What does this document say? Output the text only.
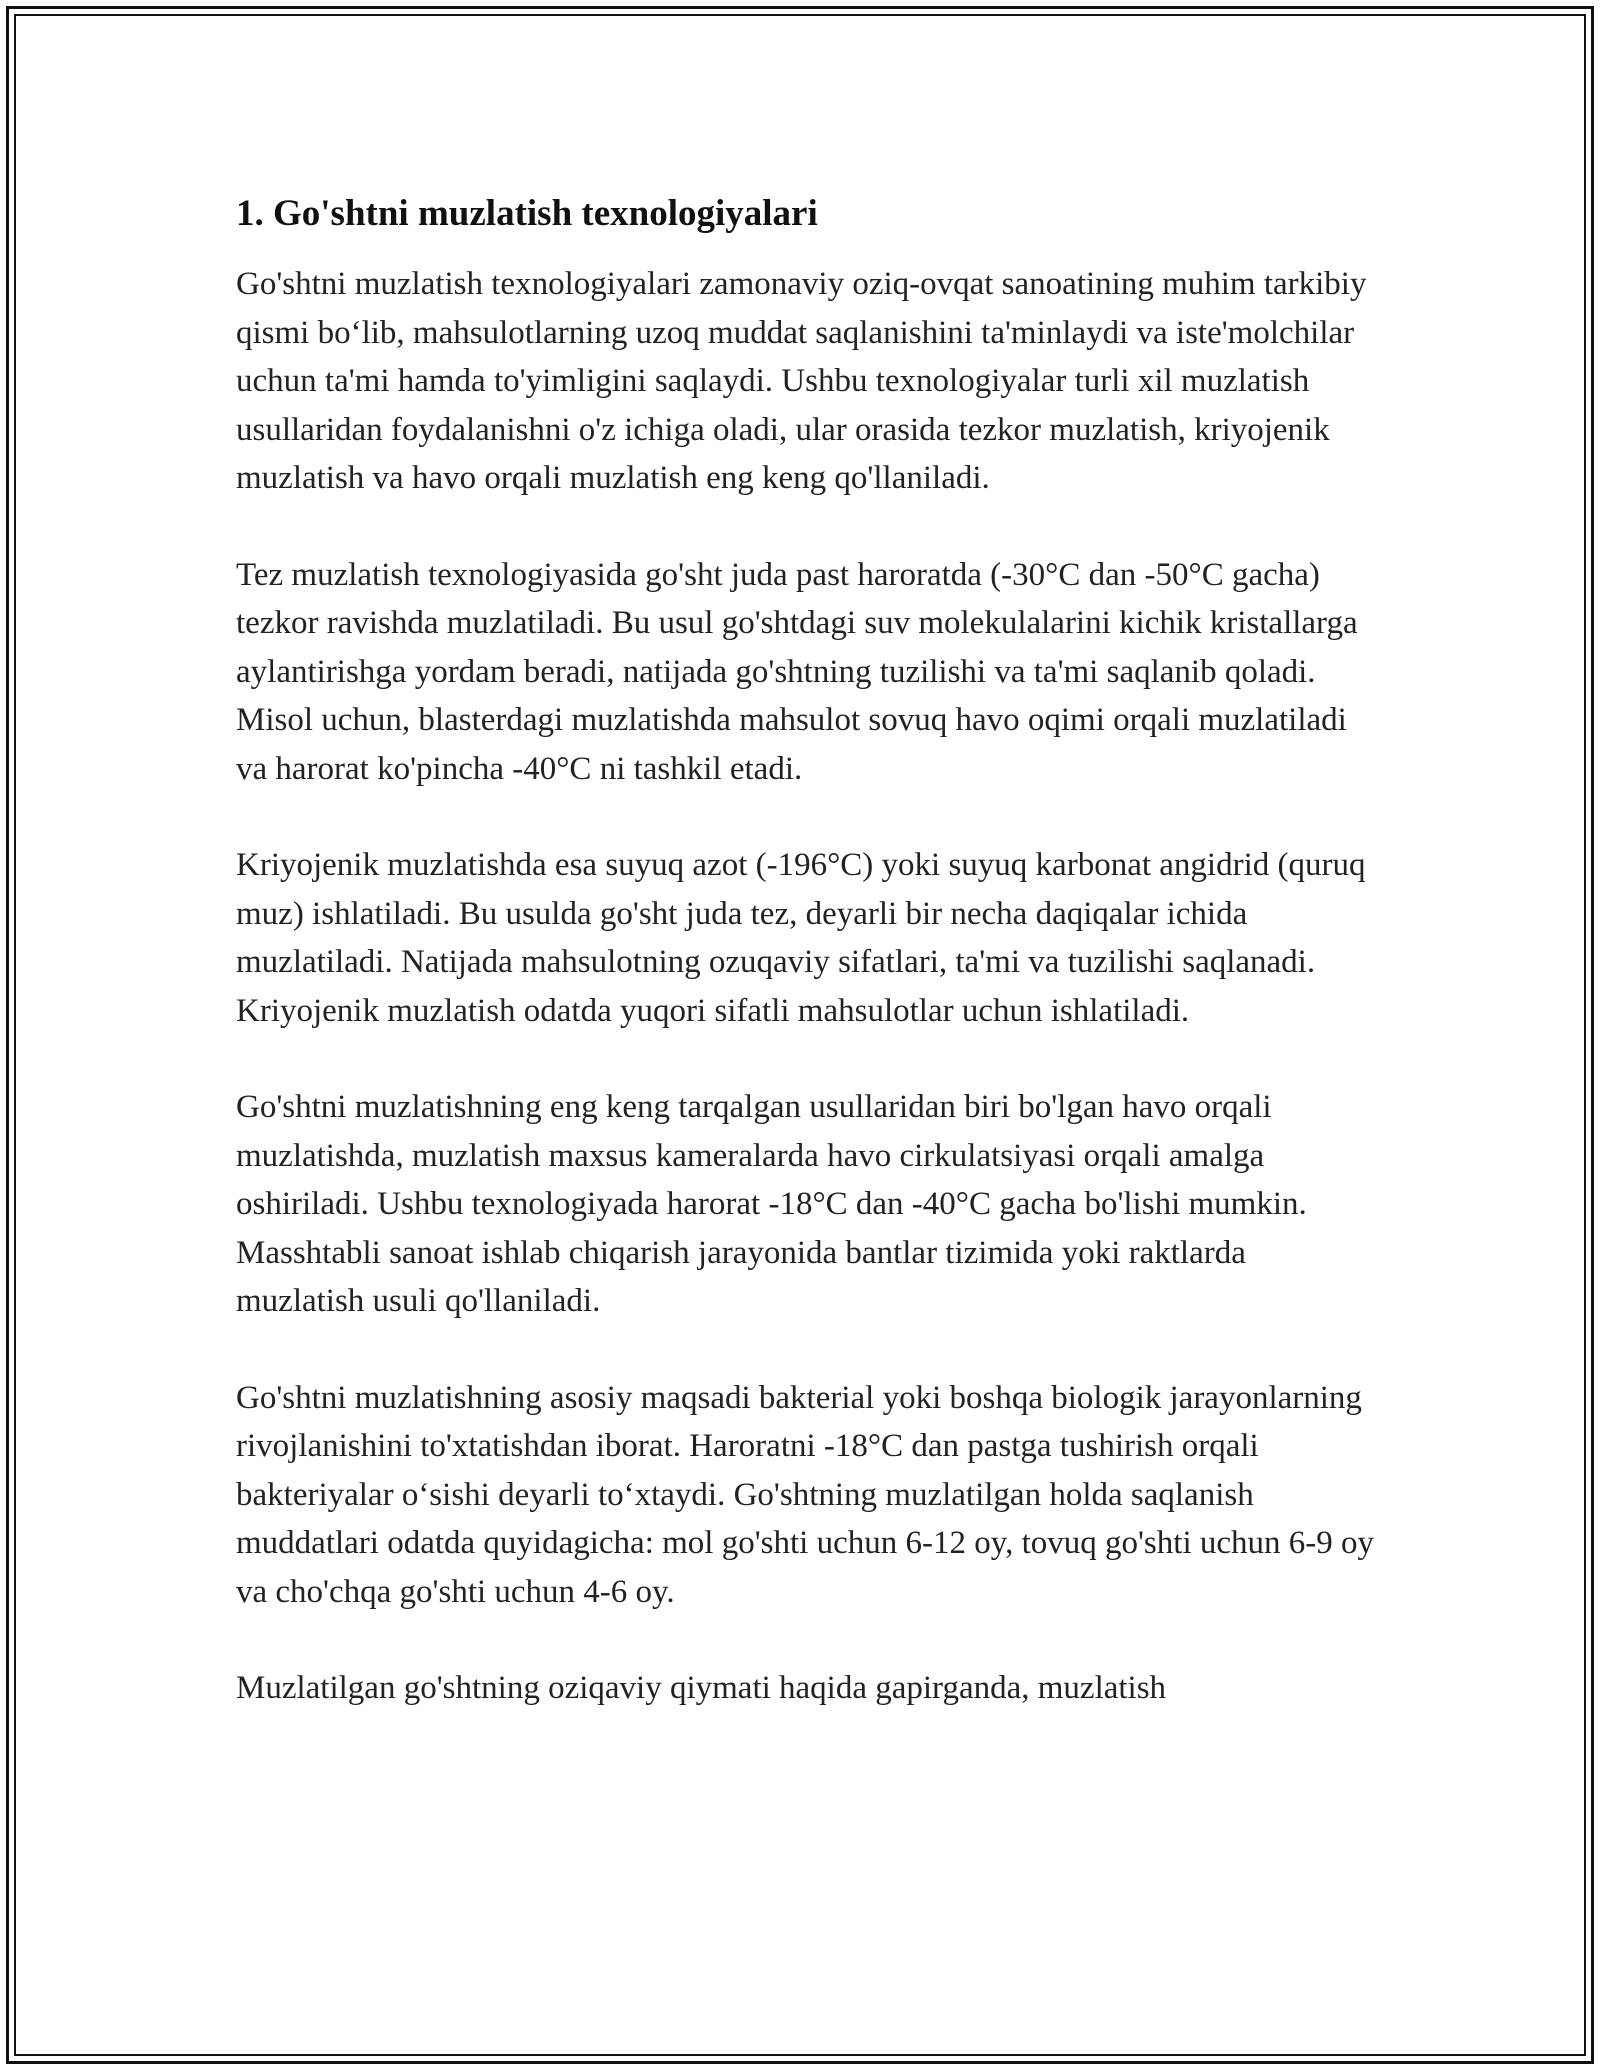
1. Go'shtni muzlatish texnologiyalari

Go'shtni muzlatish texnologiyalari zamonaviy oziq-ovqat sanoatining muhim tarkibiy qismi bo‘lib, mahsulotlarning uzoq muddat saqlanishini ta'minlaydi va iste'molchilar uchun ta'mi hamda to'yimligini saqlaydi. Ushbu texnologiyalar turli xil muzlatish usullaridan foydalanishni o'z ichiga oladi, ular orasida tezkor muzlatish, kriyojenik muzlatish va havo orqali muzlatish eng keng qo'llaniladi.

Tez muzlatish texnologiyasida go'sht juda past haroratda (-30°C dan -50°C gacha) tezkor ravishda muzlatiladi. Bu usul go'shtdagi suv molekulalarini kichik kristallarga aylantirishga yordam beradi, natijada go'shtning tuzilishi va ta'mi saqlanib qoladi. Misol uchun, blasterdagi muzlatishda mahsulot sovuq havo oqimi orqali muzlatiladi va harorat ko'pincha -40°C ni tashkil etadi.

Kriyojenik muzlatishda esa suyuq azot (-196°C) yoki suyuq karbonat angidrid (quruq muz) ishlatiladi. Bu usulda go'sht juda tez, deyarli bir necha daqiqalar ichida muzlatiladi. Natijada mahsulotning ozuqaviy sifatlari, ta'mi va tuzilishi saqlanadi. Kriyojenik muzlatish odatda yuqori sifatli mahsulotlar uchun ishlatiladi.

Go'shtni muzlatishning eng keng tarqalgan usullaridan biri bo'lgan havo orqali muzlatishda, muzlatish maxsus kameralarda havo cirkulatsiyasi orqali amalga oshiriladi. Ushbu texnologiyada harorat -18°C dan -40°C gacha bo'lishi mumkin. Masshtabli sanoat ishlab chiqarish jarayonida bantlar tizimida yoki raktlarda muzlatish usuli qo'llaniladi.

Go'shtni muzlatishning asosiy maqsadi bakterial yoki boshqa biologik jarayonlarning rivojlanishini to'xtatishdan iborat. Haroratni -18°C dan pastga tushirish orqali bakteriyalar o‘sishi deyarli to‘xtaydi. Go'shtning muzlatilgan holda saqlanish muddatlari odatda quyidagicha: mol go'shti uchun 6-12 oy, tovuq go'shti uchun 6-9 oy va cho'chqa go'shti uchun 4-6 oy.

Muzlatilgan go'shtning oziqaviy qiymati haqida gapirganda, muzlatish
